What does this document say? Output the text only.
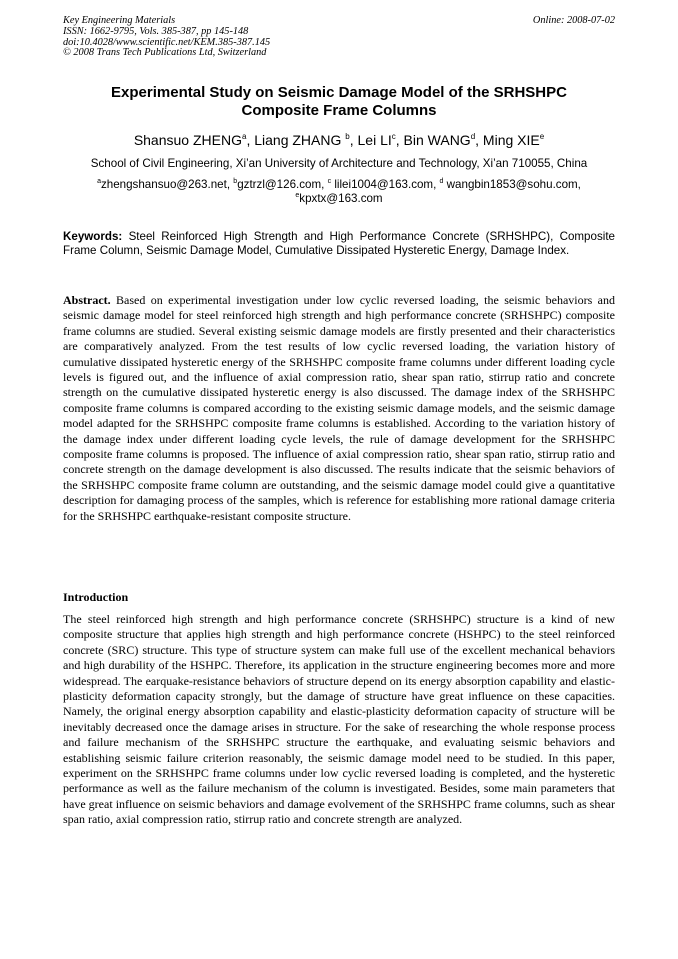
Key Engineering Materials
ISSN: 1662-9795, Vols. 385-387, pp 145-148
doi:10.4028/www.scientific.net/KEM.385-387.145
© 2008 Trans Tech Publications Ltd, Switzerland
Online: 2008-07-02
Experimental Study on Seismic Damage Model of the SRHSHPC
Composite Frame Columns
Shansuo ZHENG$^a$, Liang ZHANG $^b$, Lei $LI^c$, Bin WANG$^d$, Ming XIE$^e$
School of Civil Engineering, Xi’an University of Architecture and Technology, Xi’an 710055, China
$^a$zhengshansuo@263.net, $^b$gztrzl@126.com, $^c$ lilei1004@163.com, $^d$ wangbin1853@sohu.com,
$^e$kpxtx@163.com
Keywords: Steel Reinforced High Strength and High Performance Concrete (SRHSHPC), Composite Frame Column, Seismic Damage Model, Cumulative Dissipated Hysteretic Energy, Damage Index.
Abstract. Based on experimental investigation under low cyclic reversed loading, the seismic behaviors and seismic damage model for steel reinforced high strength and high performance concrete (SRHSHPC) composite frame columns are studied. Several existing seismic damage models are firstly presented and their characteristics are comparatively analyzed. From the test results of low cyclic reversed loading, the variation history of cumulative dissipated hysteretic energy of the SRHSHPC composite frame columns under different loading cycle levels is figured out, and the influence of axial compression ratio, shear span ratio, stirrup ratio and concrete strength on the cumulative dissipated hysteretic energy is also discussed. The damage index of the SRHSHPC composite frame columns is compared according to the existing seismic damage models, and the seismic damage model adapted for the SRHSHPC composite frame columns is established. According to the variation history of the damage index under different loading cycle levels, the rule of damage development for the SRHSHPC composite frame columns is proposed. The influence of axial compression ratio, shear span ratio, stirrup ratio and concrete strength on the damage development is also discussed. The results indicate that the seismic behaviors of the SRHSHPC composite frame column are outstanding, and the seismic damage model could give a quantitative description for damaging process of the samples, which is reference for establishing more rational damage criteria for the SRHSHPC earthquake-resistant composite structure.
Introduction
The steel reinforced high strength and high performance concrete (SRHSHPC) structure is a kind of new composite structure that applies high strength and high performance concrete (HSHPC) to the steel reinforced concrete (SRC) structure. This type of structure system can make full use of the excellent mechanical behaviors and high durability of the HSHPC. Therefore, its application in the structure engineering becomes more and more widespread. The earquake-resistance behaviors of structure depend on its energy absorption capability and elastic-plasticity deformation capacity strongly, but the damage of structure have great influence on these capacities. Namely, the original energy absorption capability and elastic-plasticity deformation capacity of structure will be inevitably decreased once the damage arises in structure. For the sake of researching the whole response process and failure mechanism of the SRHSHPC structure the earthquake, and evaluating seismic behaviors and establishing seismic failure criterion reasonably, the seismic damage model need to be studied. In this paper, experiment on the SRHSHPC frame columns under low cyclic reversed loading is completed, and the hysteretic performance as well as the failure mechanism of the column is investigated. Besides, some main parameters that have great influence on seismic behaviors and damage evolvement of the SRHSHPC frame columns, such as shear span ratio, axial compression ratio, stirrup ratio and concrete strength are analyzed.
